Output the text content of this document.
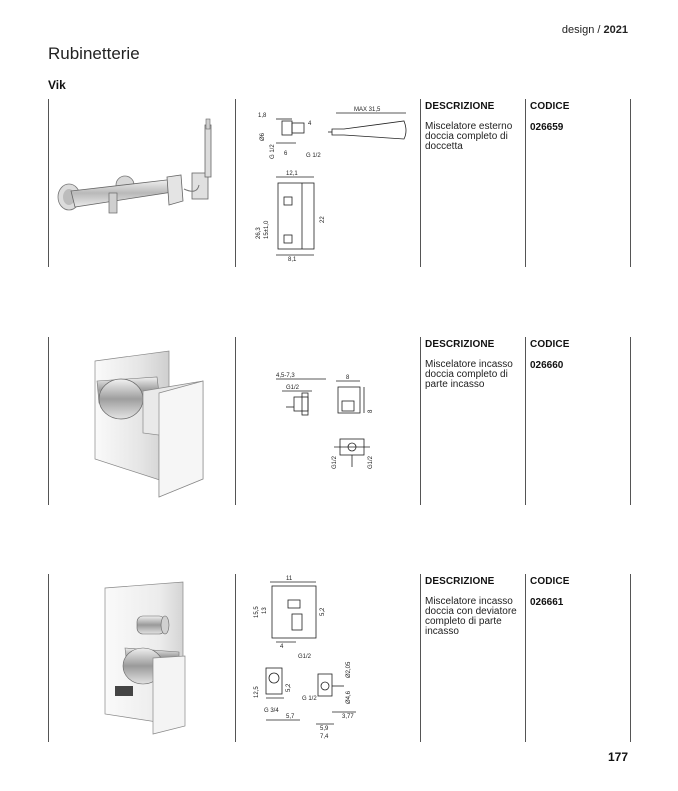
design / 2021
Rubinetterie
Vik
1,8
Ø6
4
G 1/2 6	G 1/2
MAX 31,5
12,1
26,3 15±1,0
22
8,1
DESCRIZIONE
Miscelatore esterno doccia completo di doccetta
CODICE
026659
4,5-7,3
G1/2
8
8
G1/2	G1/2
DESCRIZIONE
Miscelatore incasso doccia completo di parte incasso
CODICE
026660
11
15,5 13	5,2
4
12,5	5,2
5,7
G 3/4
G1/2
Ø2,05
Ø4,6
G 1/2
3,77
5,9
7,4
DESCRIZIONE
Miscelatore incasso doccia con deviatore completo di parte incasso
CODICE
026661
177
